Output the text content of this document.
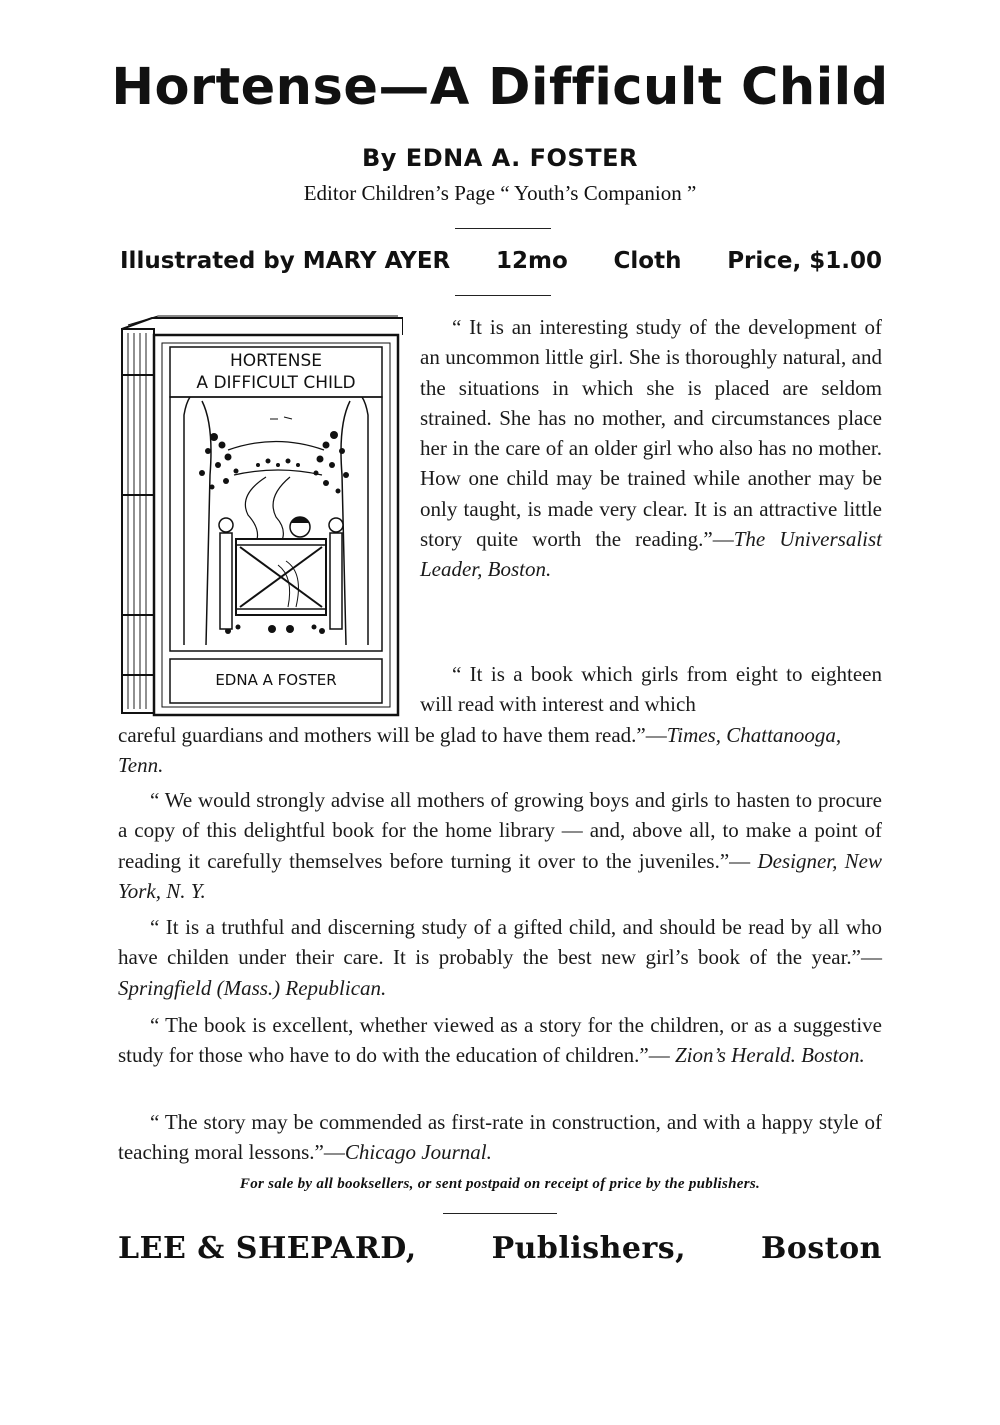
Hortense—A Difficult Child
By EDNA A. FOSTER
Editor Children’s Page “ Youth’s Companion ”
Illustrated by MARY AYER 12mo Cloth Price, $1.00
HORTENSE
A DIFFICULT CHILD
EDNA A FOSTER
“ It is an interesting study of the development of an uncommon little girl. She is thoroughly natural, and the situations in which she is placed are seldom strained. She has no mother, and circumstances place her in the care of an older girl who also has no mother. How one child may be trained while another may be only taught, is made very clear. It is an attractive little story quite worth the reading.”—The Universalist Leader, Boston.
“ It is a book which girls from eight to eighteen will read with interest and which
careful guardians and mothers will be glad to have them read.”—Times, Chattanooga, Tenn.
“ We would strongly advise all mothers of growing boys and girls to hasten to procure a copy of this delightful book for the home library — and, above all, to make a point of reading it carefully themselves before turning it over to the juveniles.”— Designer, New York, N. Y.
“ It is a truthful and discerning study of a gifted child, and should be read by all who have childen under their care. It is probably the best new girl’s book of the year.”— Springfield (Mass.) Republican.
“ The book is excellent, whether viewed as a story for the children, or as a suggestive study for those who have to do with the education of children.”— Zion’s Herald. Boston.
“ The story may be commended as first-rate in construction, and with a happy style of teaching moral lessons.”—Chicago Journal.
For sale by all booksellers, or sent postpaid on receipt of price by the publishers.
LEE & SHEPARD, Publishers, Boston
